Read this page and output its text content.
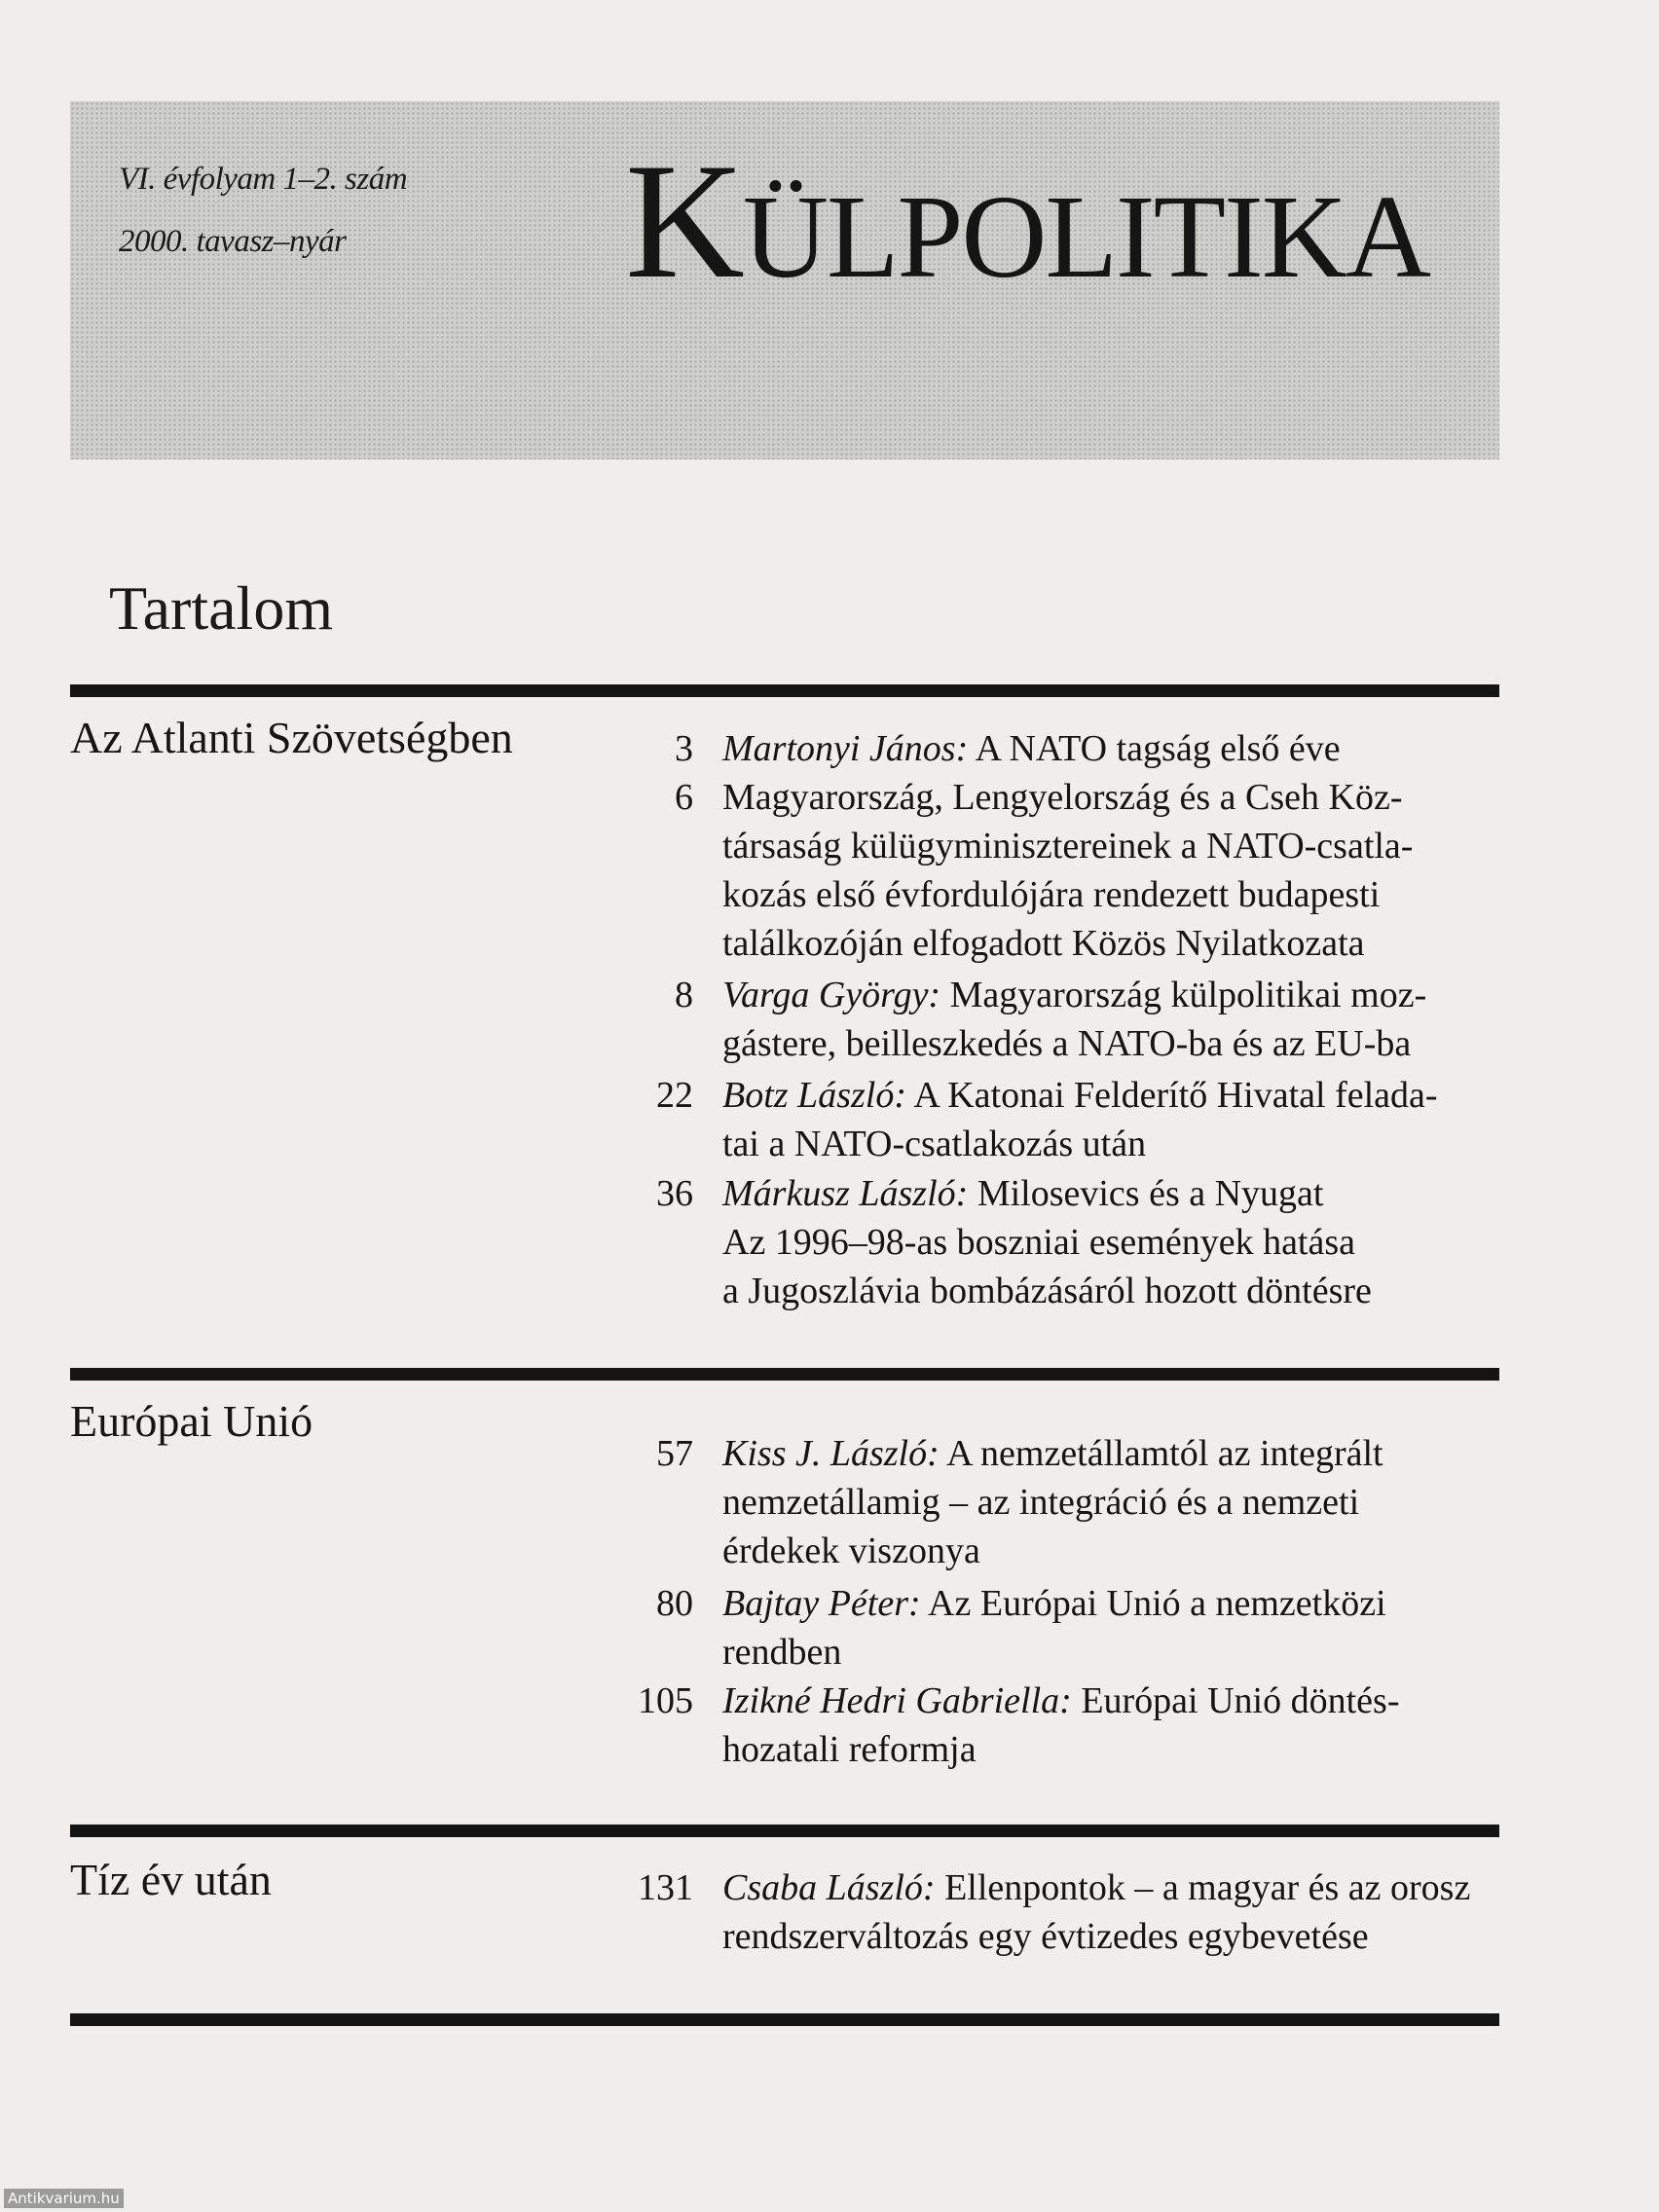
VI. évfolyam 1–2. szám
2000. tavasz–nyár KÜLPOLITIKA
Tartalom
Az Atlanti Szövetségben	3 Martonyi János: A NATO tagság első éve
6 Magyarország, Lengyelország és a Cseh Köz-
társaság külügyminisztereinek a NATO-csatla-
kozás első évfordulójára rendezett budapesti
találkozóján elfogadott Közös Nyilatkozata
8 Varga György: Magyarország külpolitikai moz-
gástere, beilleszkedés a NATO-ba és az EU-ba
22 Botz László: A Katonai Felderítő Hivatal felada-
tai a NATO-csatlakozás után
36 Márkusz László: Milosevics és a Nyugat
Az 1996–98-as boszniai események hatása
a Jugoszlávia bombázásáról hozott döntésre
Európai Unió
57 Kiss J. László: A nemzetállamtól az integrált
nemzetállamig – az integráció és a nemzeti
érdekek viszonya
80 Bajtay Péter: Az Európai Unió a nemzetközi
rendben
105 Izikné Hedri Gabriella: Európai Unió döntés-
hozatali reformja
Tíz év után	131 Csaba László: Ellenpontok – a magyar és az orosz
rendszerváltozás egy évtizedes egybevetése
Antikvarium.hu
